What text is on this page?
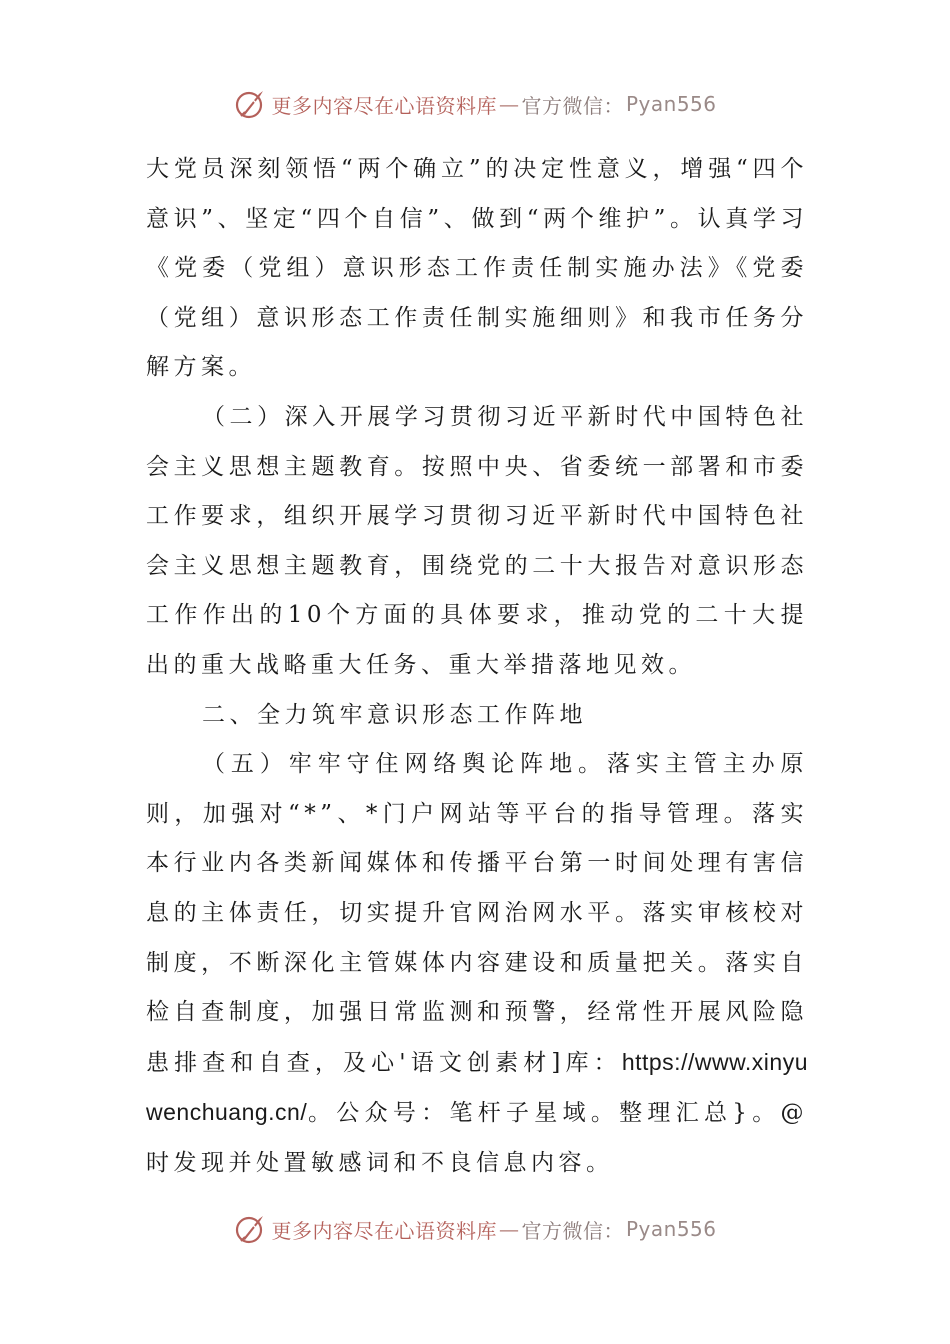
更多内容尽在心语资料库 — 官方微信： Pyan556

大党员深刻领悟“两个确立”的决定性意义，增强“四个意识”、坚定“四个自信”、做到“两个维护”。认真学习《党委（党组）意识形态工作责任制实施办法》《党委（党组）意识形态工作责任制实施细则》和我市任务分解方案。

（二）深入开展学习贯彻习近平新时代中国特色社会主义思想主题教育。按照中央、省委统一部署和市委工作要求，组织开展学习贯彻习近平新时代中国特色社会主义思想主题教育，围绕党的二十大报告对意识形态工作作出的10个方面的具体要求，推动党的二十大提出的重大战略重大任务、重大举措落地见效。

二、全力筑牢意识形态工作阵地

（五）牢牢守住网络舆论阵地。落实主管主办原则，加强对“*”、*门户网站等平台的指导管理。落实本行业内各类新闻媒体和传播平台第一时间处理有害信息的主体责任，切实提升官网治网水平。落实审核校对制度，不断深化主管媒体内容建设和质量把关。落实自检自查制度，加强日常监测和预警，经常性开展风险隐患排查和自查，及心'语文创素材]库：https://www.xinyuwenchuang.cn/。公众号：笔杆子星域。整理汇总}。@时发现并处置敏感词和不良信息内容。

更多内容尽在心语资料库 — 官方微信： Pyan556
